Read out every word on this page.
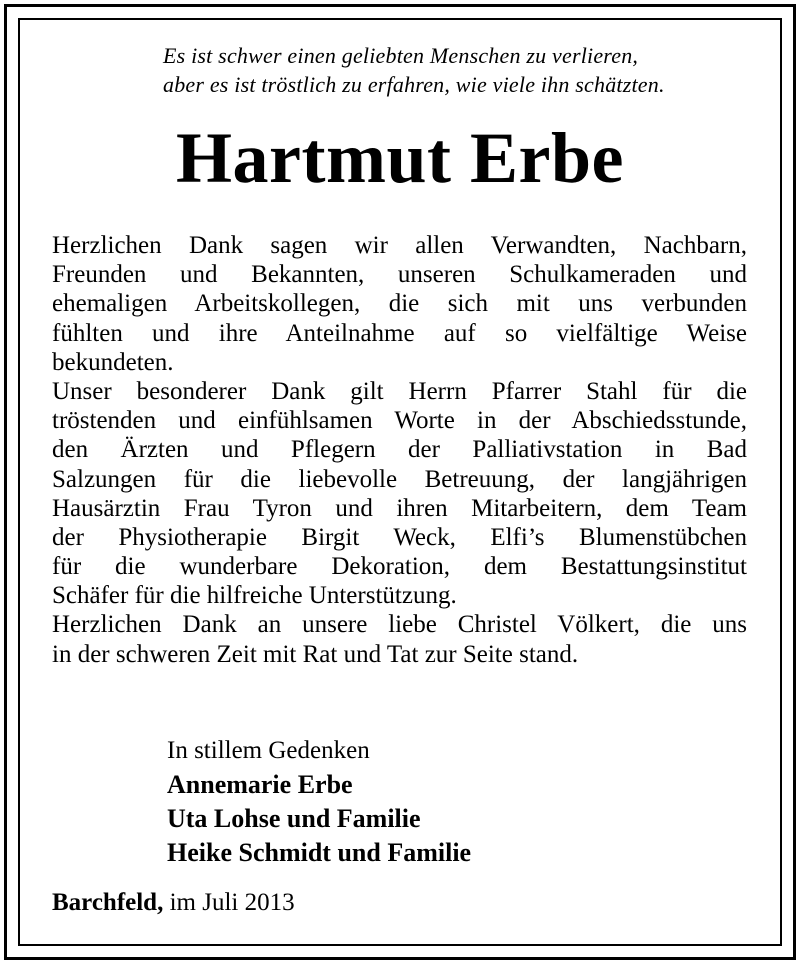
Es ist schwer einen geliebten Menschen zu verlieren,
aber es ist tröstlich zu erfahren, wie viele ihn schätzten.
Hartmut Erbe
Herzlichen Dank sagen wir allen Verwandten, Nachbarn,
Freunden und Bekannten, unseren Schulkameraden und
ehemaligen Arbeitskollegen, die sich mit uns verbunden
fühlten und ihre Anteilnahme auf so vielfältige Weise
bekundeten.
Unser besonderer Dank gilt Herrn Pfarrer Stahl für die
tröstenden und einfühlsamen Worte in der Abschiedsstunde,
den Ärzten und Pflegern der Palliativstation in Bad
Salzungen für die liebevolle Betreuung, der langjährigen
Hausärztin Frau Tyron und ihren Mitarbeitern, dem Team
der Physiotherapie Birgit Weck, Elfi’s Blumenstübchen
für die wunderbare Dekoration, dem Bestattungsinstitut
Schäfer für die hilfreiche Unterstützung.
Herzlichen Dank an unsere liebe Christel Völkert, die uns
in der schweren Zeit mit Rat und Tat zur Seite stand.
In stillem Gedenken
Annemarie Erbe
Uta Lohse und Familie
Heike Schmidt und Familie
Barchfeld, im Juli 2013
